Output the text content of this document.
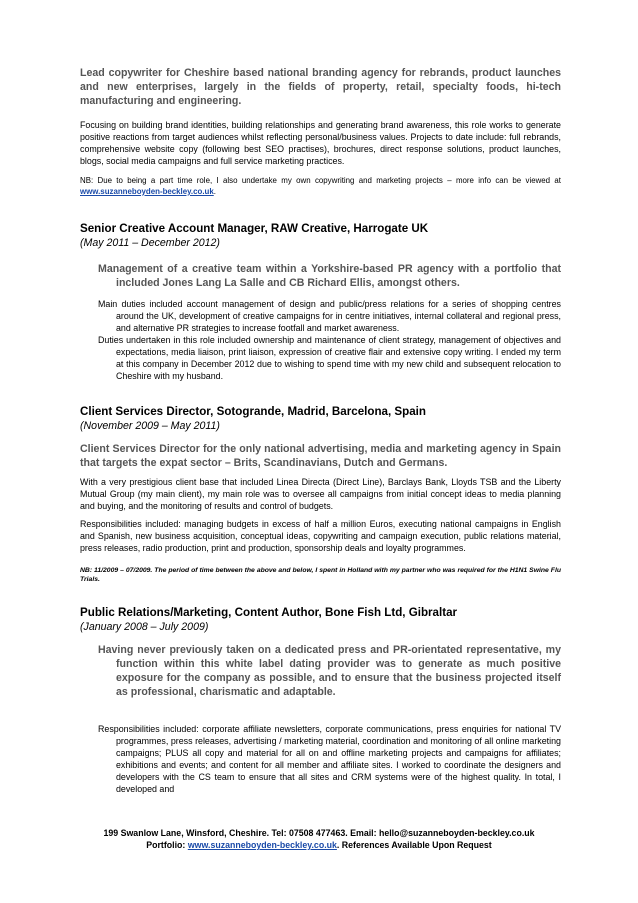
Lead copywriter for Cheshire based national branding agency for rebrands, product launches and new enterprises, largely in the fields of property, retail, specialty foods, hi-tech manufacturing and engineering.

Focusing on building brand identities, building relationships and generating brand awareness, this role works to generate positive reactions from target audiences whilst reflecting personal/business values. Projects to date include: full rebrands, comprehensive website copy (following best SEO practises), brochures, direct response solutions, product launches, blogs, social media campaigns and full service marketing practices.

NB: Due to being a part time role, I also undertake my own copywriting and marketing projects – more info can be viewed at www.suzanneboyden-beckley.co.uk.

Senior Creative Account Manager, RAW Creative, Harrogate UK

(May 2011 – December 2012)

Management of a creative team within a Yorkshire-based PR agency with a portfolio that included Jones Lang La Salle and CB Richard Ellis, amongst others.

Main duties included account management of design and public/press relations for a series of shopping centres around the UK, development of creative campaigns for in centre initiatives, internal collateral and regional press, and alternative PR strategies to increase footfall and market awareness.

Duties undertaken in this role included ownership and maintenance of client strategy, management of objectives and expectations, media liaison, print liaison, expression of creative flair and extensive copy writing. I ended my term at this company in December 2012 due to wishing to spend time with my new child and subsequent relocation to Cheshire with my husband.

Client Services Director, Sotogrande, Madrid, Barcelona, Spain

(November 2009 – May 2011)

Client Services Director for the only national advertising, media and marketing agency in Spain that targets the expat sector – Brits, Scandinavians, Dutch and Germans.

With a very prestigious client base that included Linea Directa (Direct Line), Barclays Bank, Lloyds TSB and the Liberty Mutual Group (my main client), my main role was to oversee all campaigns from initial concept ideas to media planning and buying, and the monitoring of results and control of budgets.

Responsibilities included: managing budgets in excess of half a million Euros, executing national campaigns in English and Spanish, new business acquisition, conceptual ideas, copywriting and campaign execution, public relations material, press releases, radio production, print and production, sponsorship deals and loyalty programmes.

NB: 11/2009 – 07/2009. The period of time between the above and below, I spent in Holland with my partner who was required for the H1N1 Swine Flu Trials.

Public Relations/Marketing, Content Author, Bone Fish Ltd, Gibraltar

(January 2008 – July 2009)

Having never previously taken on a dedicated press and PR-orientated representative, my function within this white label dating provider was to generate as much positive exposure for the company as possible, and to ensure that the business projected itself as professional, charismatic and adaptable.

Responsibilities included: corporate affiliate newsletters, corporate communications, press enquiries for national TV programmes, press releases, advertising / marketing material, coordination and monitoring of all online marketing campaigns; PLUS all copy and material for all on and offline marketing projects and campaigns for affiliates; exhibitions and events; and content for all member and affiliate sites. I worked to coordinate the designers and developers with the CS team to ensure that all sites and CRM systems were of the highest quality. In total, I developed and

199 Swanlow Lane, Winsford, Cheshire. Tel: 07508 477463. Email: hello@suzanneboyden-beckley.co.uk
Portfolio: www.suzanneboyden-beckley.co.uk. References Available Upon Request
